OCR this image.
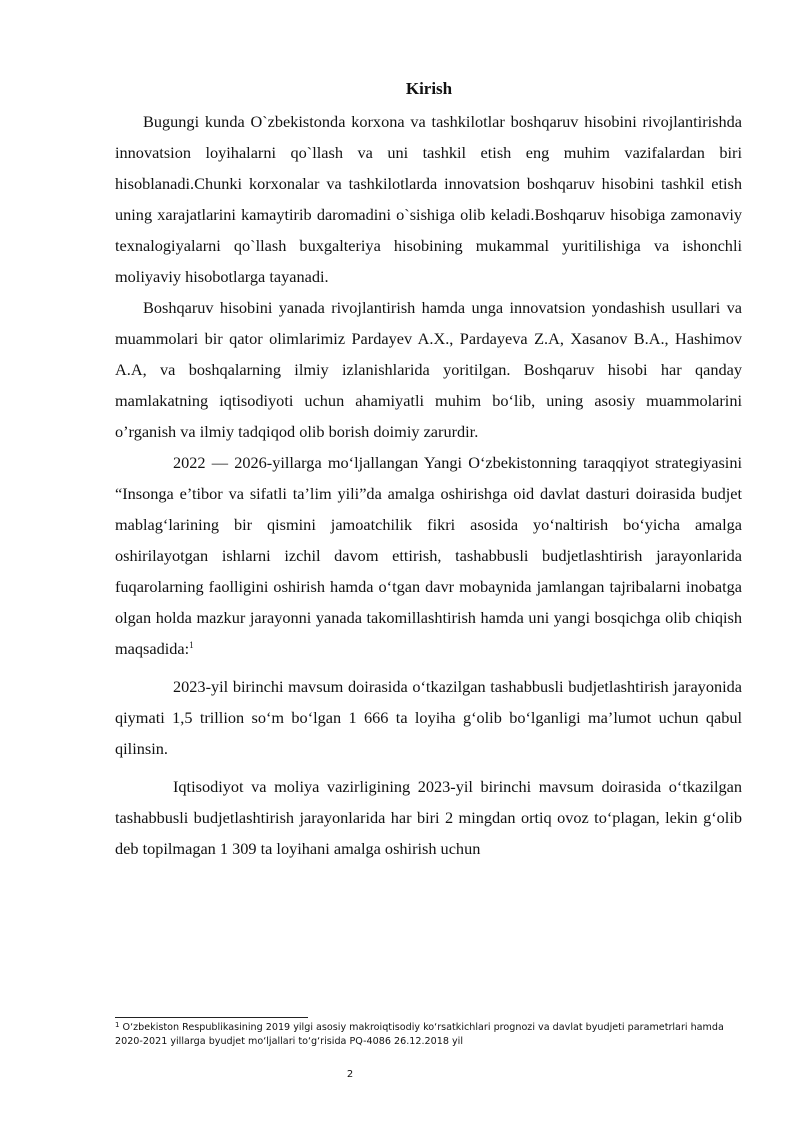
Kirish

Bugungi kunda O`zbekistonda korxona va tashkilotlar boshqaruv hisobini rivojlantirishda innovatsion loyihalarni qo`llash va uni tashkil etish eng muhim vazifalardan biri hisoblanadi.Chunki korxonalar va tashkilotlarda innovatsion boshqaruv hisobini tashkil etish uning xarajatlarini kamaytirib daromadini o`sishiga olib keladi.Boshqaruv hisobiga zamonaviy texnalogiyalarni qo`llash buxgalteriya hisobining mukammal yuritilishiga va ishonchli moliyaviy hisobotlarga tayanadi.

Boshqaruv hisobini yanada rivojlantirish hamda unga innovatsion yondashish usullari va muammolari bir qator olimlarimiz Pardayev A.X., Pardayeva Z.A, Xasanov B.A., Hashimov A.A, va boshqalarning ilmiy izlanishlarida yoritilgan. Boshqaruv hisobi har qanday mamlakatning iqtisodiyoti uchun ahamiyatli muhim bo‘lib, uning asosiy muammolarini o’rganish va ilmiy tadqiqod olib borish doimiy zarurdir.

2022 — 2026-yillarga mo‘ljallangan Yangi O‘zbekistonning taraqqiyot strategiyasini “Insonga e’tibor va sifatli ta’lim yili”da amalga oshirishga oid davlat dasturi doirasida budjet mablag‘larining bir qismini jamoatchilik fikri asosida yo‘naltirish bo‘yicha amalga oshirilayotgan ishlarni izchil davom ettirish, tashabbusli budjetlashtirish jarayonlarida fuqarolarning faolligini oshirish hamda o‘tgan davr mobaynida jamlangan tajribalarni inobatga olgan holda mazkur jarayonni yanada takomillashtirish hamda uni yangi bosqichga olib chiqish maqsadida:$^1$

2023-yil birinchi mavsum doirasida o‘tkazilgan tashabbusli budjetlashtirish jarayonida qiymati 1,5 trillion so‘m bo‘lgan 1 666 ta loyiha g‘olib bo‘lganligi ma’lumot uchun qabul qilinsin.

Iqtisodiyot va moliya vazirligining 2023-yil birinchi mavsum doirasida o‘tkazilgan tashabbusli budjetlashtirish jarayonlarida har biri 2 mingdan ortiq ovoz to‘plagan, lekin g‘olib deb topilmagan 1 309 ta loyihani amalga oshirish uchun

$^1$ O‘zbekiston Respublikasining 2019 yilgi asosiy makroiqtisodiy ko‘rsatkichlari prognozi va davlat byudjeti parametrlari hamda 2020-2021 yillarga byudjet mo‘ljallari to‘g‘risida PQ-4086 26.12.2018 yil
2
